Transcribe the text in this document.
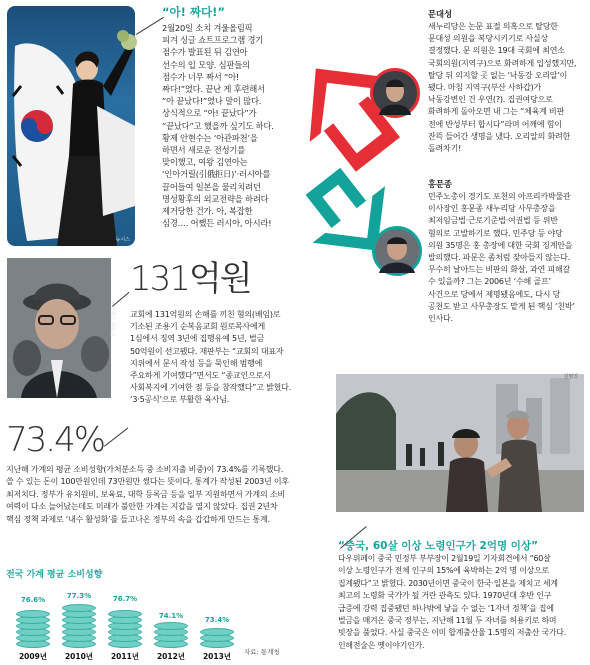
뉴시스
“아! 짜다!”
2월20일 소치 겨울올림픽
피겨 싱글 쇼트프로그램 경기
점수가 발표된 뒤 김연아
선수의 입 모양. 심판들의
점수가 너무 짜서 “아!
짜다!”였다. 끝난 게 후련해서
“아 끝났다!”였나 말이 많다.
상식적으로 “아! 끝났다”가
“끝났다”고 했을까 싶기도 하다.
황제 안현수는 ‘아관파천’을
하면서 새로운 전성기를
맞이했고, 여왕 김연아는
‘인아거릴(引俄拒日)’·러시아를
끌어들여 일본을 물리치려던
명성황후의 외교전략을 하려다
제거당한 건가. 아, 복잡한
심경…. 어쨌든 러시아, 아시라!
한겨레 김봉규
131억원
교회에 131억원의 손해를 끼친 혐의(배임)로
기소된 조용기 순복음교회 원로목사에게
1심에서 징역 3년에 집행유예 5년, 벌금
50억원이 선고됐다. 재판부는 “교회의 대표자
지위에서 문서 작성 등을 묵인해 범행에
주요하게 기여했다”면서도 “종교인으로서
사회복지에 기여한 점 등을 참작했다”고 밝혔다.
‘3·5공식’으로 부활한 육사님.
73.4%
지난해 가계의 평균 소비성향(가처분소득 중 소비지출 비중)이 73.4%를 기록했다.
쓸 수 있는 돈이 100만원인데 73만원만 썼다는 뜻이다. 통계가 작성된 2003년 이후
최저치다. 정부가 유치원비, 보육료, 대학 등록금 등을 일부 지원하면서 가계의 소비
여력이 다소 늘어났는데도 미래가 불안한 가계는 지갑을 열지 않았다. 집권 2년차
핵심 정책 과제로 ‘내수 활성화’를 들고나온 정부의 속을 갑갑하게 만드는 통계.
전국 가계 평균 소비성향
76.6%
2009년
77.3%
2010년
76.7%
2011년
74.1%
2012년
73.4%
2013년	자료: 통계청
문대성
새누리당은 논문 표절 의혹으로 탈당한
문대성 의원을 복당시키기로 사실상
결정했다. 문 의원은 19대 국회에 최연소
국회의원(지역구)으로 화려하게 입성했지만,
탈당 뒤 의지할 곳 없는 ‘낙동강 오리알’이
됐다. 마침 지역구(부산 사하갑)가
낙동강변인 건 우연(?). 집권여당으로
화려하게 돌아오면 내 그는 “체육계 비판
전에 반성부터 합시다”라며 어깨에 힘이
잔뜩 들어간 생명을 냈다. 오리알의 화려한
돌려차기!
홍문종
민주노총이 경기도 포천의 아프리카박물관
이사장인 홍문종 새누리당 사무총장을
최저임금법·근로기준법·여권법 등 위반
혐의로 고발하기로 했다. 민주당 등 야당
의원 35명은 홍 총장에 대한 국회 징계안을
발의했다. 파문은 좀처럼 잦아들지 않는다.
무수히 날아드는 비판의 화살, 과연 피해갈
수 있을까? 그는 2006년 ‘수해 골프’
사건으로 당에서 제명됐음에도, 다시 당
공천도 받고 사무총장도 맡게 된 핵심 ‘친박’
인사다.
김명진
“중국, 60살 이상 노령인구가 2억명 이상”
다우위페이 중국 민정부 부부장이 2월19일 기자회견에서 “60살
이상 노령인구가 전체 인구의 15%에 육박하는 2억 명 이상으로
집계됐다”고 밝혔다. 2030년이면 중국이 한국·일본을 제치고 세계
최고의 노령화 국가가 될 거란 관측도 있다. 1970년대 후반 인구
급증에 강력 집중됐던 하나밖에 낳을 수 없는 ‘1자녀 정책’을 집에
벌금을 매겨온 중국 정부는, 지난해 11월 두 자녀를 허용키로 하며
빗장을 풀었다. 사실 중국은 이미 합계출산율 1.5명의 저출산 국가다.
인해전술은 옛이야기인가.
